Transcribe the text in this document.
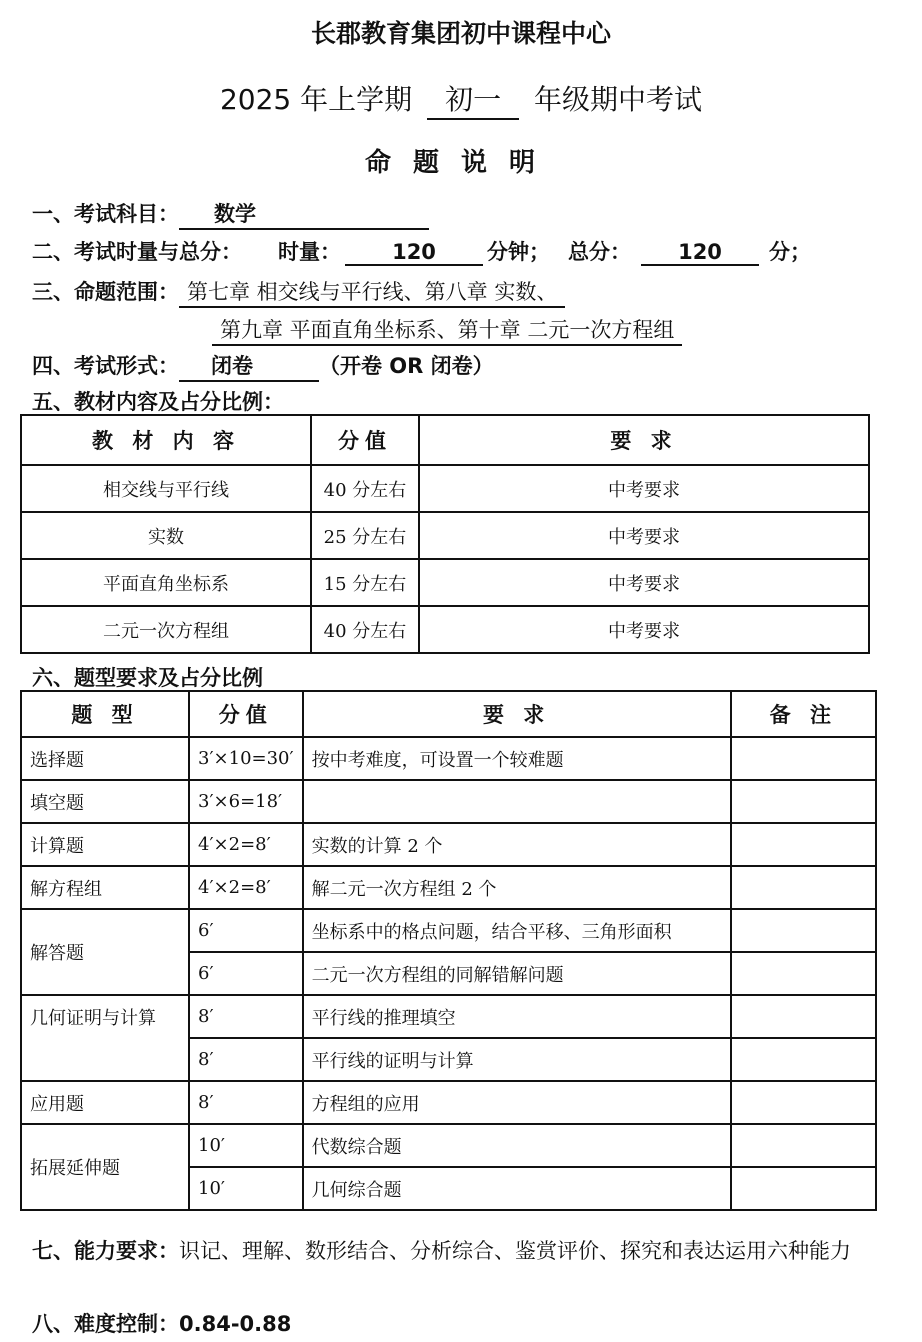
长郡教育集团初中课程中心
2025 年上学期 初一 年级期中考试
命题说明
一、考试科目： 数学
二、考试时量与总分： 时量： 120 分钟； 总分： 120 分；
三、命题范围： 第七章 相交线与平行线、第八章 实数、
第九章 平面直角坐标系、第十章 二元一次方程组
四、考试形式： 闭卷	（开卷 OR 闭卷）
五、教材内容及占分比例：
教 材 内 容	分值	要 求
相交线与平行线	40 分左右	中考要求
实数	25 分左右	中考要求
平面直角坐标系	15 分左右	中考要求
二元一次方程组	40 分左右	中考要求
六、题型要求及占分比例
题 型	分值	要 求	备 注
选择题	3′×10=30′	按中考难度，可设置一个较难题	
填空题	3′×6=18′		
计算题	4′×2=8′	实数的计算 2 个	
解方程组	4′×2=8′	解二元一次方程组 2 个	
解答题	6′	坐标系中的格点问题，结合平移、三角形面积	
	6′	二元一次方程组的同解错解问题	
几何证明与计算	8′	平行线的推理填空	
	8′	平行线的证明与计算	
应用题	8′	方程组的应用	
拓展延伸题	10′	代数综合题	
	10′	几何综合题	
七、能力要求：识记、理解、数形结合、分析综合、鉴赏评价、探究和表达运用六种能力
八、难度控制：0.84-0.88
